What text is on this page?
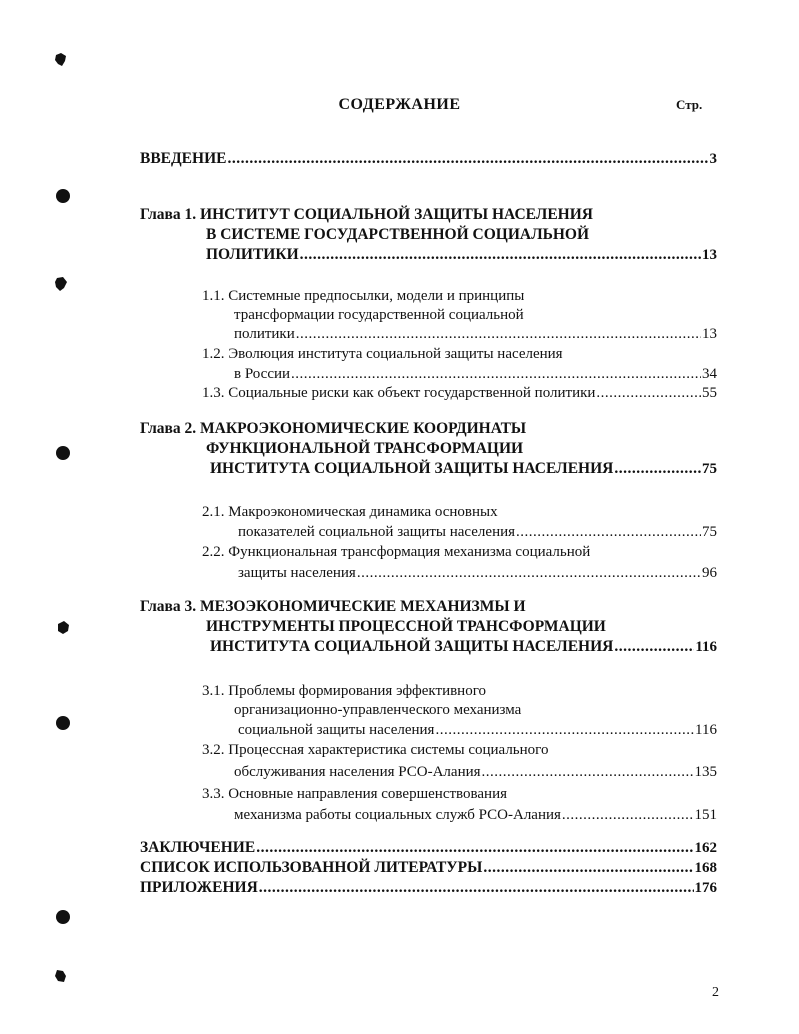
СОДЕРЖАНИЕ	Стр.
ВВЕДЕНИЕ .....	3
Глава 1. ИНСТИТУТ СОЦИАЛЬНОЙ ЗАЩИТЫ НАСЕЛЕНИЯ
В СИСТЕМЕ ГОСУДАРСТВЕННОЙ СОЦИАЛЬНОЙ
ПОЛИТИКИ .....	13
1.1. Системные предпосылки, модели и принципы
трансформации государственной социальной
политики .....	13
1.2. Эволюция института социальной защиты населения
в России .....	34
1.3. Социальные риски как объект государственной политики .....	55
Глава 2. МАКРОЭКОНОМИЧЕСКИЕ КООРДИНАТЫ
ФУНКЦИОНАЛЬНОЙ ТРАНСФОРМАЦИИ
ИНСТИТУТА СОЦИАЛЬНОЙ ЗАЩИТЫ НАСЕЛЕНИЯ .....	75
2.1. Макроэкономическая динамика основных
показателей социальной защиты населения .....	75
2.2. Функциональная трансформация механизма социальной
защиты населения .....	96
Глава 3. МЕЗОЭКОНОМИЧЕСКИЕ МЕХАНИЗМЫ И
ИНСТРУМЕНТЫ ПРОЦЕССНОЙ ТРАНСФОРМАЦИИ
ИНСТИТУТА СОЦИАЛЬНОЙ ЗАЩИТЫ НАСЕЛЕНИЯ .....	116
3.1. Проблемы формирования эффективного
организационно-управленческого механизма
социальной защиты населения .....	116
3.2. Процессная характеристика системы социального
обслуживания населения РСО-Алания .....	135
3.3. Основные направления совершенствования
механизма работы социальных служб РСО-Алания .....	151
ЗАКЛЮЧЕНИЕ .....	162
СПИСОК ИСПОЛЬЗОВАННОЙ ЛИТЕРАТУРЫ .....	168
ПРИЛОЖЕНИЯ .....	176
2
